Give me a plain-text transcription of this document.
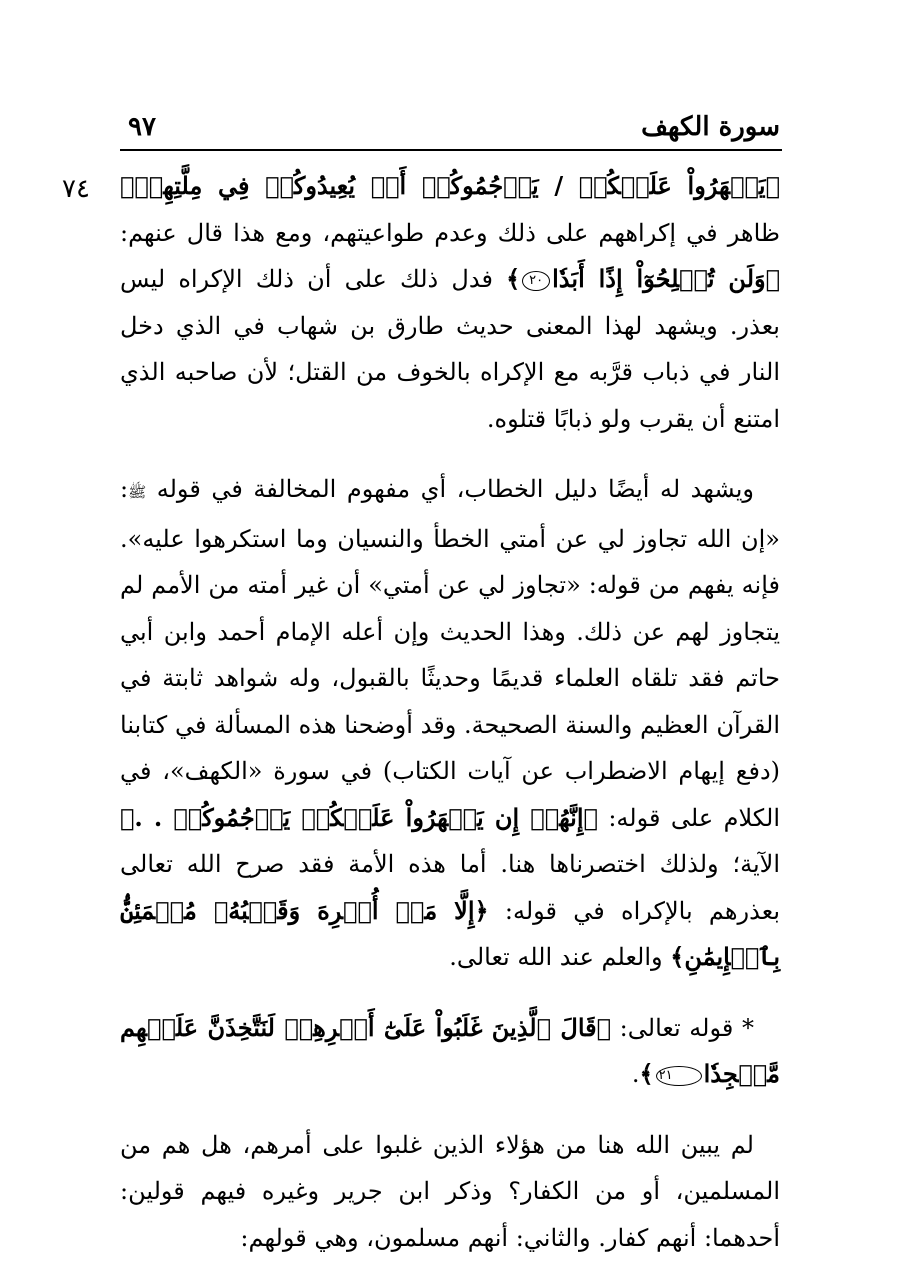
٩٧	سورة الكهف
٧٤ ﴿يَظۡهَرُواْ عَلَيۡكُمۡ / يَرۡجُمُوكُمۡ أَوۡ يُعِيدُوكُمۡ فِي مِلَّتِهِمۡ﴾ ظاهر في إكراههم على ذلك وعدم طواعيتهم، ومع هذا قال عنهم: ﴿وَلَن تُفۡلِحُوٓاْ إِذًا أَبَدٗا٢٠﴾ فدل ذلك على أن ذلك الإكراه ليس بعذر. ويشهد لهذا المعنى حديث طارق بن شهاب في الذي دخل النار في ذباب قرَّبه مع الإكراه بالخوف من القتل؛ لأن صاحبه الذي امتنع أن يقرب ولو ذبابًا قتلوه.

ويشهد له أيضًا دليل الخطاب، أي مفهوم المخالفة في قوله ﷺ: «إن الله تجاوز لي عن أمتي الخطأ والنسيان وما استكرهوا عليه». فإنه يفهم من قوله: «تجاوز لي عن أمتي» أن غير أمته من الأمم لم يتجاوز لهم عن ذلك. وهذا الحديث وإن أعله الإمام أحمد وابن أبي حاتم فقد تلقاه العلماء قديمًا وحديثًا بالقبول، وله شواهد ثابتة في القرآن العظيم والسنة الصحيحة. وقد أوضحنا هذه المسألة في كتابنا (دفع إيهام الاضطراب عن آيات الكتاب) في سورة «الكهف»، في الكلام على قوله: ﴿إِنَّهُمۡ إِن يَظۡهَرُواْ عَلَيۡكُمۡ يَرۡجُمُوكُمۡ . .﴾ الآية؛ ولذلك اختصرناها هنا. أما هذه الأمة فقد صرح الله تعالى بعذرهم بالإكراه في قوله: ﴿إِلَّا مَنۡ أُكۡرِهَ وَقَلۡبُهُۥ مُطۡمَئِنُّۢ بِٱلۡإِيمَٰنِ﴾ والعلم عند الله تعالى.

* قوله تعالى: ﴿قَالَ ٱلَّذِينَ غَلَبُواْ عَلَىٰٓ أَمۡرِهِمۡ لَنَتَّخِذَنَّ عَلَيۡهِم مَّسۡجِدٗا٢١﴾.

لم يبين الله هنا من هؤلاء الذين غلبوا على أمرهم، هل هم من المسلمين، أو من الكفار؟ وذكر ابن جرير وغيره فيهم قولين: أحدهما: أنهم كفار. والثاني: أنهم مسلمون، وهي قولهم:
